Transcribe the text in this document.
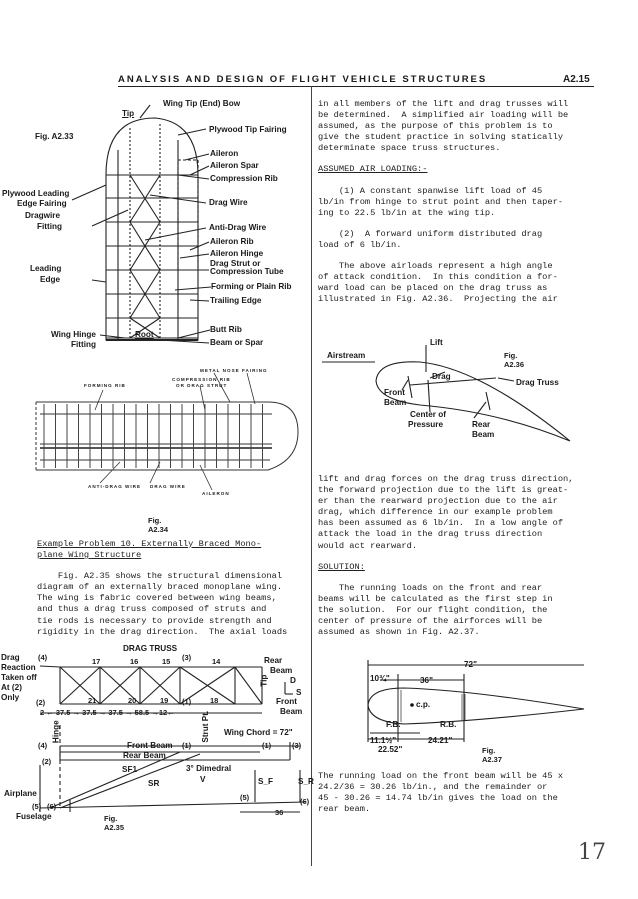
ANALYSIS AND DESIGN OF FLIGHT VEHICLE STRUCTURES	A2.15
Wing Tip (End) Bow
Tip
Plywood Tip Fairing
Fig. A2.33
Aileron
Aileron Spar
Compression Rib
Plywood Leading
Edge Fairing	Drag Wire
Dragwire
Fitting	Anti-Drag Wire
Aileron Rib
Aileron Hinge
Drag Strut or
Compression Tube
Leading
Edge
Forming or Plain Rib
Trailing Edge
Butt Rib
Wing Hinge	Root
Fitting	Beam or Spar
METAL NOSE FAIRING
COMPRESSION RIB
OR DRAG STRUT
FORMING RIB
ANTI-DRAG WIRE DRAG WIRE
AILERON
Fig. A2.34
Example Problem 10. Externally Braced Mono-
plane Wing Structure
Fig. A2.35 shows the structural dimensional
diagram of an externally braced monoplane wing.
The wing is fabric covered between wing beams,
and thus a drag truss composed of struts and
tie rods is necessary to provide strength and
rigidity in the drag direction.  The axial loads
DRAG TRUSS
Drag
Reaction
Taken off
At (2)
Only
(4)	17	16	15 (3)	14	Rear
Beam
D
S
Tip
Front
Beam
(2)	21	20	19	18
(1)
2 ← 37.5 → 37.5 → 37.5 → 58.5 →12←
Wing Chord = 72"
Hinge	Strut Pt.
(4)	Front Beam (1)	(1)	(3)
Rear Beam
(2)
SF1	3° Dimedral
SR	V	S_F	S_R
Airplane	(5)
(5) (6)
(6)
Fuselage	36
Fig. A2.35
in all members of the lift and drag trusses will
be determined.  A simplified air loading will be
assumed, as the purpose of this problem is to
give the student practice in solving statically
determinate space truss structures.
ASSUMED AIR LOADING:-
(1) A constant spanwise lift load of 45
lb/in from hinge to strut point and then taper-
ing to 22.5 lb/in at the wing tip.
(2)  A forward uniform distributed drag
load of 6 lb/in.
The above airloads represent a high angle
of attack condition.  In this condition a for-
ward load can be placed on the drag truss as
illustrated in Fig. A2.36.  Projecting the air
Lift
Airstream	Fig. A2.36
Drag
Drag Truss
Front
Beam
Center of
Pressure	Rear
Beam
lift and drag forces on the drag truss direction,
the forward projection due to the lift is great-
er than the rearward projection due to the air
drag, which difference in our example problem
has been assumed as 6 lb/in.  In a low angle of
attack the load in the drag truss direction
would act rearward.
SOLUTION:
The running loads on the front and rear
beams will be calculated as the first step in
the solution.  For our flight condition, the
center of pressure of the airforces will be
assumed as shown in Fig. A2.37.
72"
10¾"	36"
c.p.
F.B.	R.B.
11.1½"	24.21"
22.52"	Fig. A2.37
The running load on the front beam will be 45 x
24.2/36 = 30.26 lb/in., and the remainder or
45 - 30.26 = 14.74 lb/in gives the load on the
rear beam.
17
